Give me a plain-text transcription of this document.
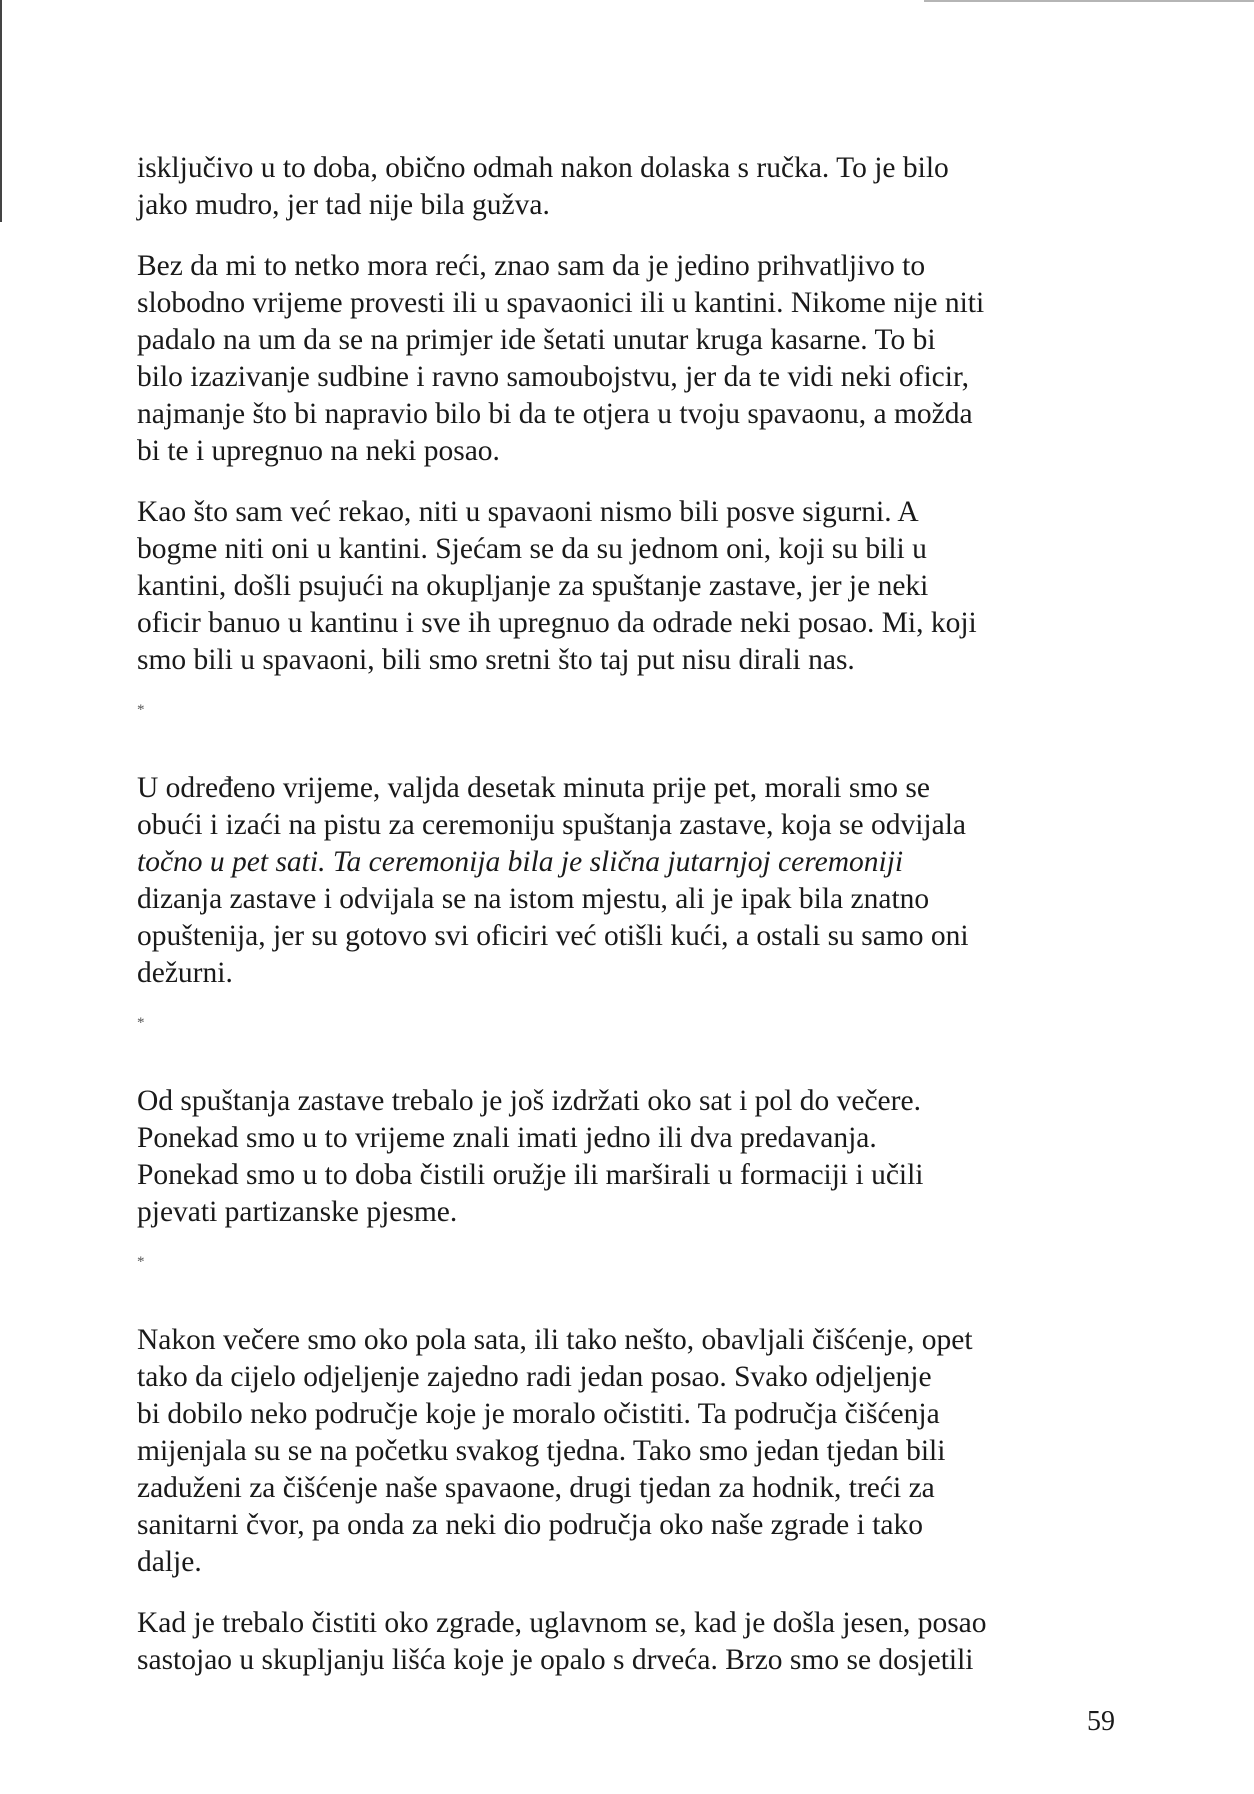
isključivo u to doba, obično odmah nakon dolaska s ručka. To je bilo
jako mudro, jer tad nije bila gužva.

Bez da mi to netko mora reći, znao sam da je jedino prihvatljivo to
slobodno vrijeme provesti ili u spavaonici ili u kantini. Nikome nije niti
padalo na um da se na primjer ide šetati unutar kruga kasarne. To bi
bilo izazivanje sudbine i ravno samoubojstvu, jer da te vidi neki oficir,
najmanje što bi napravio bilo bi da te otjera u tvoju spavaonu, a možda
bi te i upregnuo na neki posao.

Kao što sam već rekao, niti u spavaoni nismo bili posve sigurni. A
bogme niti oni u kantini. Sjećam se da su jednom oni, koji su bili u
kantini, došli psujući na okupljanje za spuštanje zastave, jer je neki
oficir banuo u kantinu i sve ih upregnuo da odrade neki posao. Mi, koji
smo bili u spavaoni, bili smo sretni što taj put nisu dirali nas.

*

U određeno vrijeme, valjda desetak minuta prije pet, morali smo se
obući i izaći na pistu za ceremoniju spuštanja zastave, koja se odvijala
točno u pet sati. Ta ceremonija bila je slična jutarnjoj ceremoniji
dizanja zastave i odvijala se na istom mjestu, ali je ipak bila znatno
opuštenija, jer su gotovo svi oficiri već otišli kući, a ostali su samo oni
dežurni.

*

Od spuštanja zastave trebalo je još izdržati oko sat i pol do večere.
Ponekad smo u to vrijeme znali imati jedno ili dva predavanja.
Ponekad smo u to doba čistili oružje ili marširali u formaciji i učili
pjevati partizanske pjesme.

*

Nakon večere smo oko pola sata, ili tako nešto, obavljali čišćenje, opet
tako da cijelo odjeljenje zajedno radi jedan posao. Svako odjeljenje
bi dobilo neko područje koje je moralo očistiti. Ta područja čišćenja
mijenjala su se na početku svakog tjedna. Tako smo jedan tjedan bili
zaduženi za čišćenje naše spavaone, drugi tjedan za hodnik, treći za
sanitarni čvor, pa onda za neki dio područja oko naše zgrade i tako
dalje.

Kad je trebalo čistiti oko zgrade, uglavnom se, kad je došla jesen, posao
sastojao u skupljanju lišća koje je opalo s drveća. Brzo smo se dosjetili

59
